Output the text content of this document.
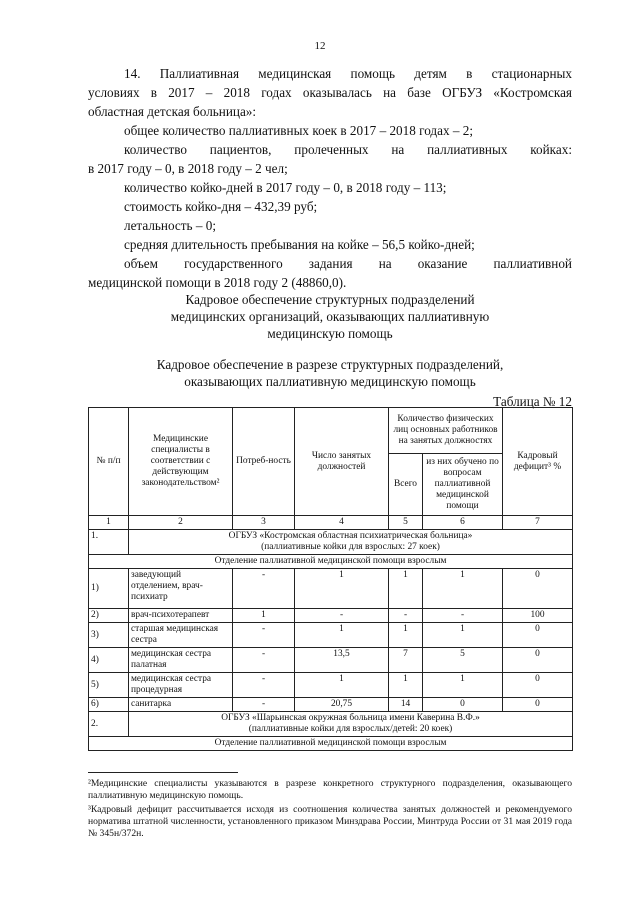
12

14. Паллиативная медицинская помощь детям в стационарных

условиях в 2017 – 2018 годах оказывалась на базе ОГБУЗ «Костромская

областная детская больница»:

общее количество паллиативных коек в 2017 – 2018 годах – 2;

количество пациентов, пролеченных на паллиативных койках:

в 2017 году – 0, в 2018 году – 2 чел;

количество койко-дней в 2017 году – 0, в 2018 году – 113;

стоимость койко-дня – 432,39 руб;

летальность – 0;

средняя длительность пребывания на койке – 56,5 койко-дней;

объем государственного задания на оказание паллиативной

медицинской помощи в 2018 году 2 (48860,0).

Кадровое обеспечение структурных подразделений
медицинских организаций, оказывающих паллиативную
медицинскую помощь
Кадровое обеспечение в разрезе структурных подразделений,
оказывающих паллиативную медицинскую помощь
Таблица № 12
№ п/п	Медицинские специалисты в соответствии с действующим законодательством²	Потреб-ность	Число занятых должностей	Количество физических лиц основных работников на занятых должностях		Кадровый дефицит³ %
				Всего	из них обучено по вопросам паллиативной медицинской помощи	
1	2	3	4	5	6	7
1.	ОГБУЗ «Костромская областная психиатрическая больница»
(паллиативные койки для взрослых: 27 коек)					

Отделение паллиативной медицинской помощи взрослым						
1)	заведующий отделением, врач-психиатр	-	1	1	1	0
2)	врач-психотерапевт	1	-	-	-	100
3)	старшая медицинская сестра	-	1	1	1	0
4)	медицинская сестра палатная	-	13,5	7	5	0
5)	медицинская сестра процедурная	-	1	1	1	0
6)	санитарка	-	20,75	14	0	0
2.	ОГБУЗ «Шарьинская окружная больница имени Каверина В.Ф.»
(паллиативные койки для взрослых/детей: 20 коек)					

Отделение паллиативной медицинской помощи взрослым						
²Медицинские специалисты указываются в разрезе конкретного структурного подразделения, оказывающего паллиативную медицинскую помощь.
³Кадровый дефицит рассчитывается исходя из соотношения количества занятых должностей и рекомендуемого норматива штатной численности, установленного приказом Минздрава России, Минтруда России от 31 мая 2019 года № 345н/372н.
